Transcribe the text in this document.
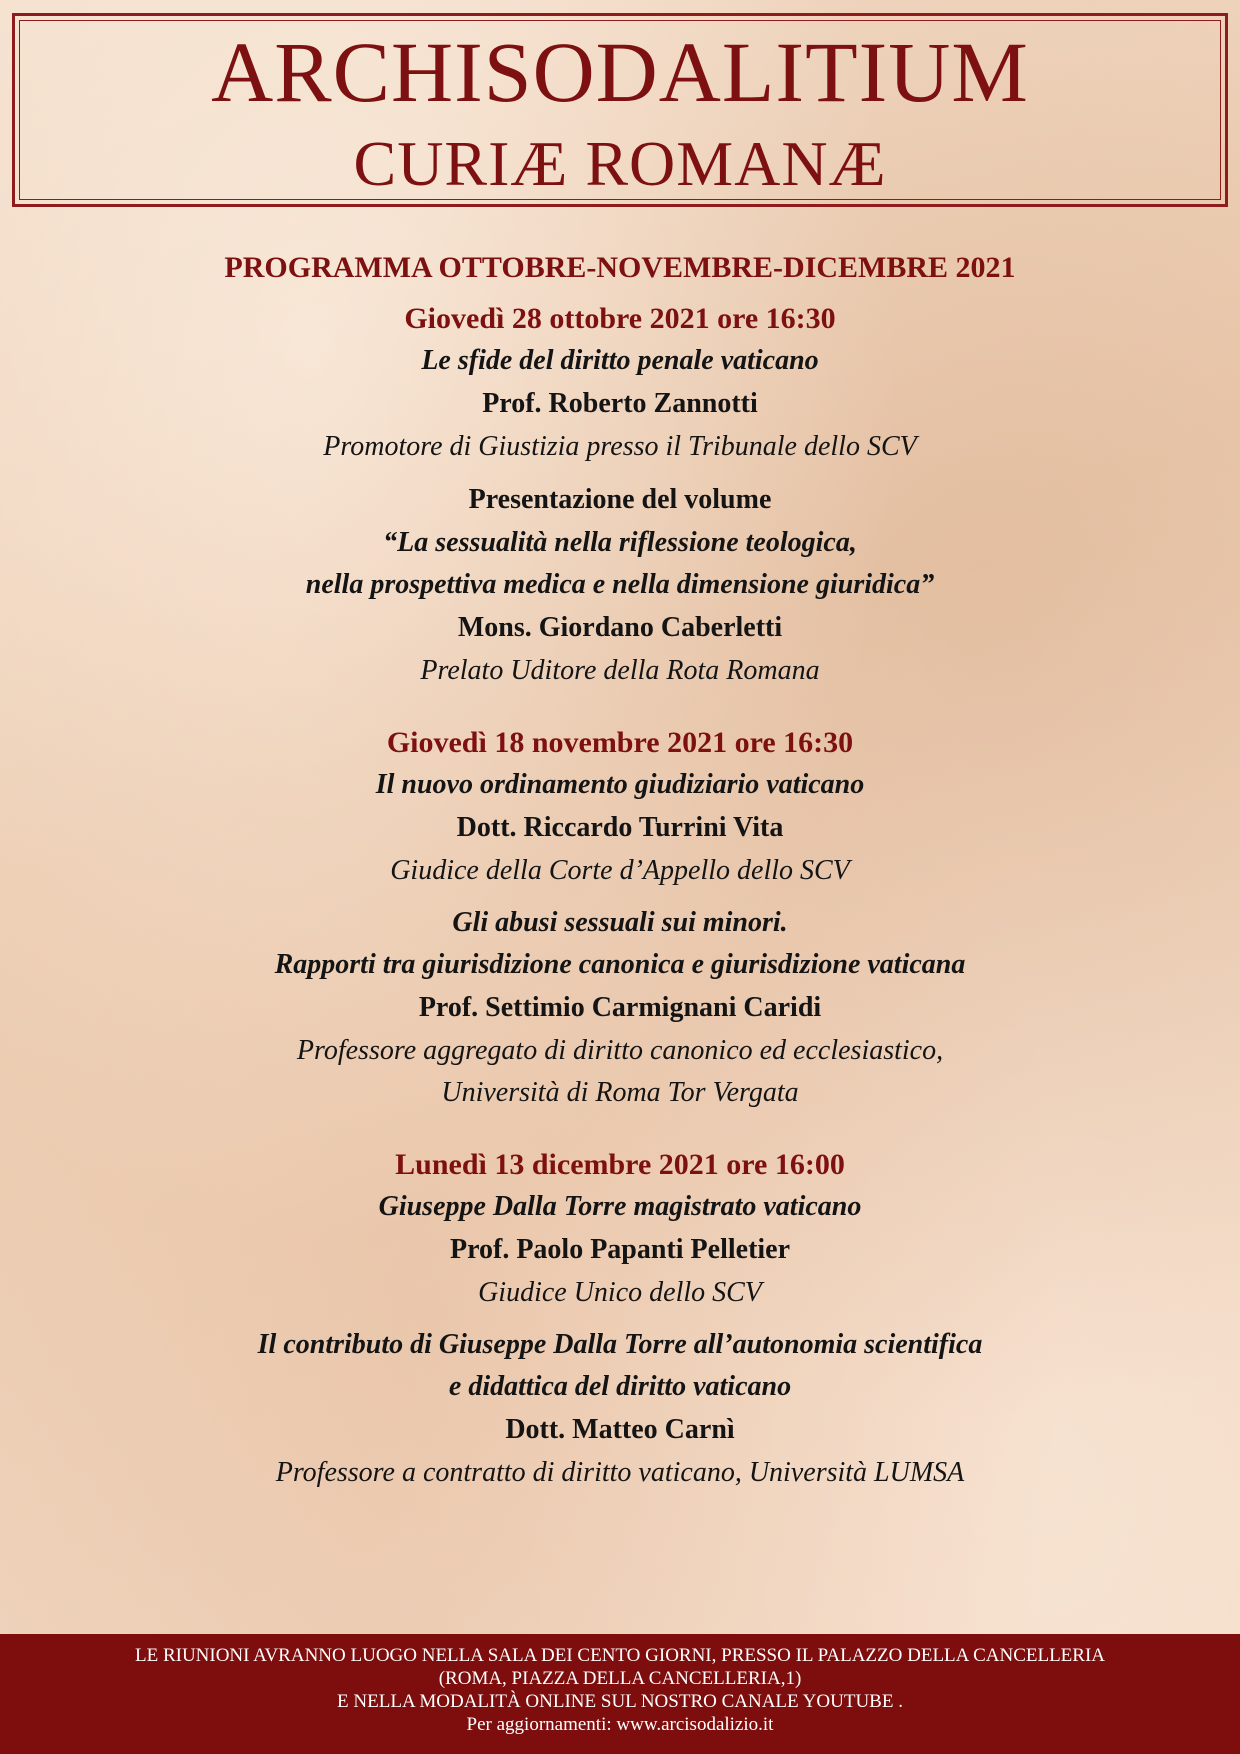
ARCHISODALITIUM
CURIÆ ROMANÆ
PROGRAMMA OTTOBRE-NOVEMBRE-DICEMBRE 2021
Giovedì 28 ottobre 2021 ore 16:30
Le sfide del diritto penale vaticano
Prof. Roberto Zannotti
Promotore di Giustizia presso il Tribunale dello SCV
Presentazione del volume
“La sessualità nella riflessione teologica,
nella prospettiva medica e nella dimensione giuridica”
Mons. Giordano Caberletti
Prelato Uditore della Rota Romana
Giovedì 18 novembre 2021 ore 16:30
Il nuovo ordinamento giudiziario vaticano
Dott. Riccardo Turrini Vita
Giudice della Corte d’Appello dello SCV
Gli abusi sessuali sui minori.
Rapporti tra giurisdizione canonica e giurisdizione vaticana
Prof. Settimio Carmignani Caridi
Professore aggregato di diritto canonico ed ecclesiastico,
Università di Roma Tor Vergata
Lunedì 13 dicembre 2021 ore 16:00
Giuseppe Dalla Torre magistrato vaticano
Prof. Paolo Papanti Pelletier
Giudice Unico dello SCV
Il contributo di Giuseppe Dalla Torre all’autonomia scientifica
e didattica del diritto vaticano
Dott. Matteo Carnì
Professore a contratto di diritto vaticano, Università LUMSA
LE RIUNIONI AVRANNO LUOGO NELLA SALA DEI CENTO GIORNI, PRESSO IL PALAZZO DELLA CANCELLERIA
(ROMA, PIAZZA DELLA CANCELLERIA,1)
E NELLA MODALITÀ ONLINE SUL NOSTRO CANALE YOUTUBE .
Per aggiornamenti: www.arcisodalizio.it
